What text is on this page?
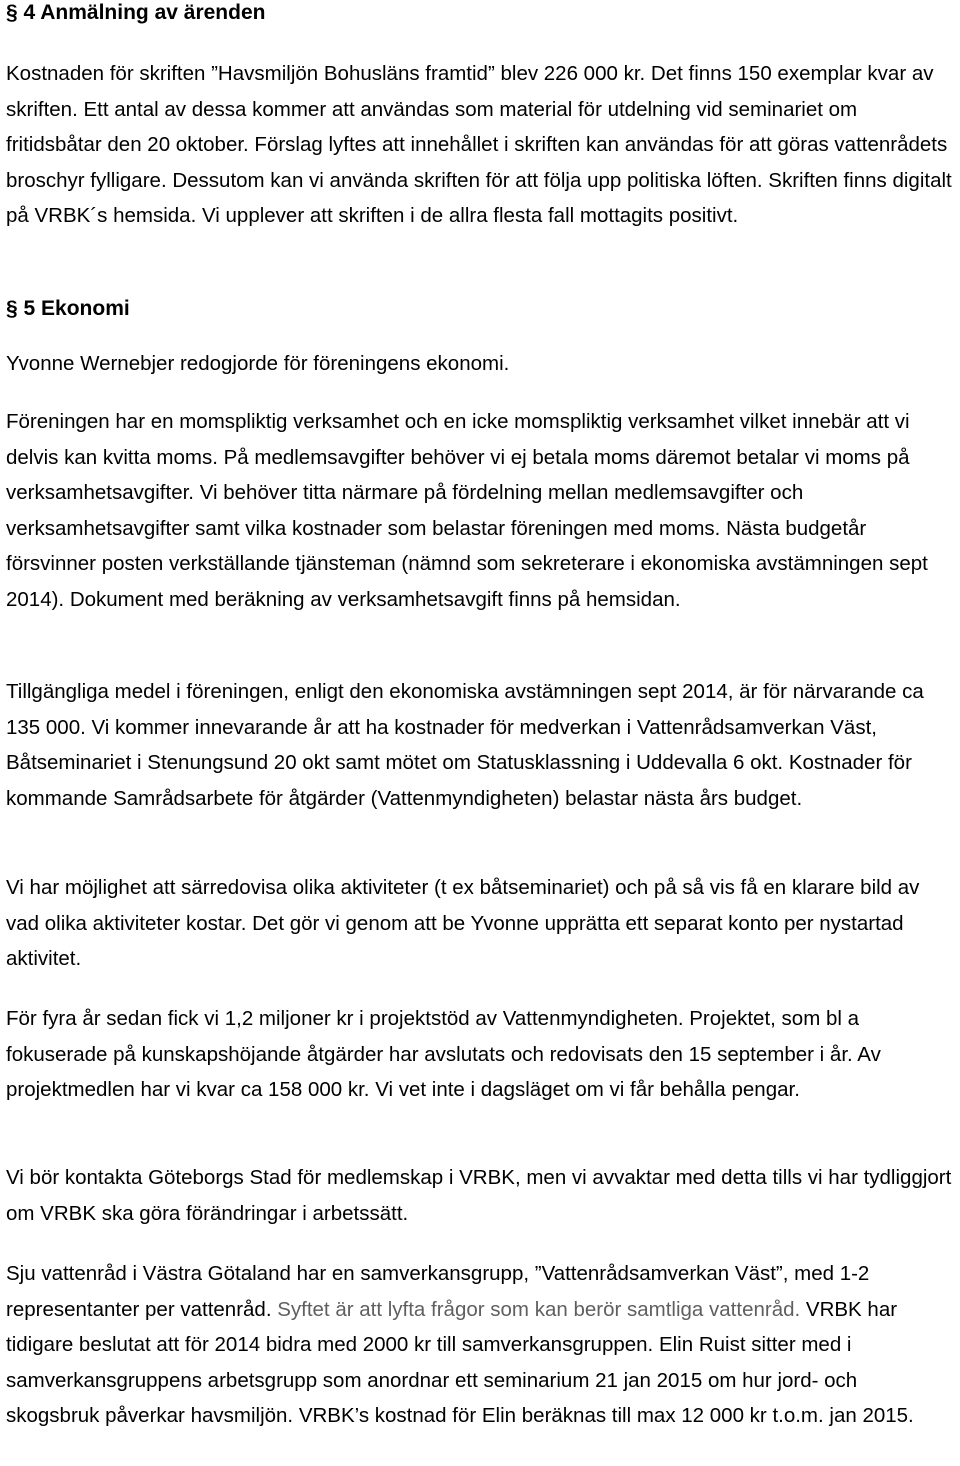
§ 4 Anmälning av ärenden

Kostnaden för skriften ”Havsmiljön Bohusläns framtid” blev 226 000 kr. Det finns 150 exemplar kvar av skriften. Ett antal av dessa kommer att användas som material för utdelning vid seminariet om fritidsbåtar den 20 oktober. Förslag lyftes att innehållet i skriften kan användas för att göras vattenrådets broschyr fylligare. Dessutom kan vi använda skriften för att följa upp politiska löften. Skriften finns digitalt på VRBK´s hemsida. Vi upplever att skriften i de allra flesta fall mottagits positivt.

§ 5 Ekonomi

Yvonne Wernebjer redogjorde för föreningens ekonomi.

Föreningen har en momspliktig verksamhet och en icke momspliktig verksamhet vilket innebär att vi delvis kan kvitta moms. På medlemsavgifter behöver vi ej betala moms däremot betalar vi moms på verksamhetsavgifter. Vi behöver titta närmare på fördelning mellan medlemsavgifter och verksamhetsavgifter samt vilka kostnader som belastar föreningen med moms. Nästa budgetår försvinner posten verkställande tjänsteman (nämnd som sekreterare i ekonomiska avstämningen sept 2014). Dokument med beräkning av verksamhetsavgift finns på hemsidan.

Tillgängliga medel i föreningen, enligt den ekonomiska avstämningen sept 2014, är för närvarande ca 135 000. Vi kommer innevarande år att ha kostnader för medverkan i Vattenrådsamverkan Väst, Båtseminariet i Stenungsund 20 okt samt mötet om Statusklassning i Uddevalla 6 okt. Kostnader för kommande Samrådsarbete för åtgärder (Vattenmyndigheten) belastar nästa års budget.

Vi har möjlighet att särredovisa olika aktiviteter (t ex båtseminariet) och på så vis få en klarare bild av vad olika aktiviteter kostar. Det gör vi genom att be Yvonne upprätta ett separat konto per nystartad aktivitet.

För fyra år sedan fick vi 1,2 miljoner kr i projektstöd av Vattenmyndigheten. Projektet, som bl a fokuserade på kunskapshöjande åtgärder har avslutats och redovisats den 15 september i år. Av projektmedlen har vi kvar ca 158 000 kr. Vi vet inte i dagsläget om vi får behålla pengar.

Vi bör kontakta Göteborgs Stad för medlemskap i VRBK, men vi avvaktar med detta tills vi har tydliggjort om VRBK ska göra förändringar i arbetssätt.

Sju vattenråd i Västra Götaland har en samverkansgrupp, ”Vattenrådsamverkan Väst”, med 1-2 representanter per vattenråd. Syftet är att lyfta frågor som kan berör samtliga vattenråd. VRBK har tidigare beslutat att för 2014 bidra med 2000 kr till samverkansgruppen. Elin Ruist sitter med i samverkansgruppens arbetsgrupp som anordnar ett seminarium 21 jan 2015 om hur jord- och skogsbruk påverkar havsmiljön. VRBK’s kostnad för Elin beräknas till max 12 000 kr t.o.m. jan 2015.
